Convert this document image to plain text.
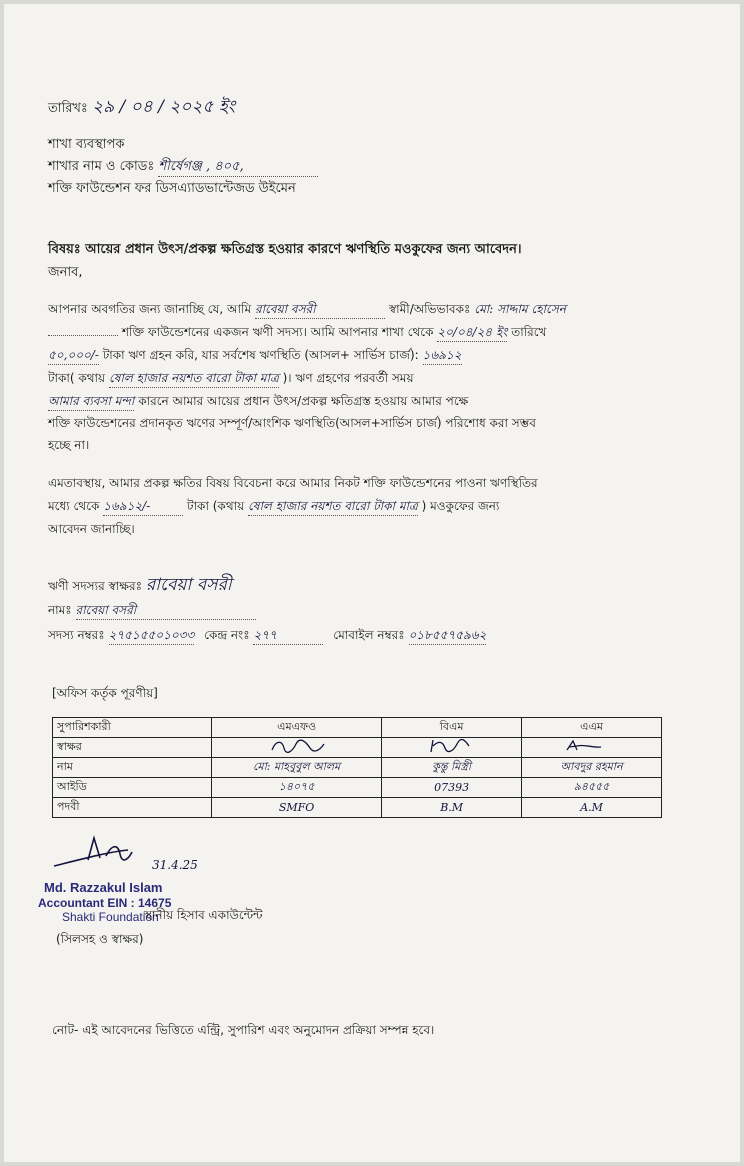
তারিখঃ ২৯ / ০৪ / ২০২৫ ইং
শাখা ব্যবস্থাপক
শাখার নাম ও কোডঃ শীর্ষেগঞ্জ , ৪০৫,
শক্তি ফাউন্ডেশন ফর ডিসএ্যাডভান্টেজড উইমেন
বিষয়ঃ আয়ের প্রধান উৎস/প্রকল্প ক্ষতিগ্রস্ত হওয়ার কারণে ঋণস্থিতি মওকুফের জন্য আবেদন।
জনাব,
আপনার অবগতির জন্য জানাচ্ছি যে, আমি রাবেয়া বসরী	স্বামী/অভিভাবকঃ মো: সাদ্দাম হোসেন
শক্তি ফাউন্ডেশনের একজন ঋণী সদস্য। আমি আপনার শাখা থেকে ২০/০৪/২৪ ইং তারিখে
৫০,০০০/- টাকা ঋণ গ্রহন করি, যার সর্বশেষ ঋণস্থিতি (আসল+ সার্ভিস চার্জ): ১৬৯১২
টাকা( কথায় ষোল হাজার নয়শত বারো টাকা মাত্র )। ঋণ গ্রহণের পরবর্তী সময়
আমার ব্যবসা মন্দা কারনে আমার আয়ের প্রধান উৎস/প্রকল্প ক্ষতিগ্রস্ত হওয়ায় আমার পক্ষে
শক্তি ফাউন্ডেশনের প্রদানকৃত ঋণের সম্পূর্ণ/আংশিক ঋণস্থিতি(আসল+সার্ভিস চার্জ) পরিশোধ করা সম্ভব
হচ্ছে না।
এমতাবস্থায়, আমার প্রকল্প ক্ষতির বিষয় বিবেচনা করে আমার নিকট শক্তি ফাউন্ডেশনের পাওনা ঋণস্থিতির
মধ্যে থেকে ১৬৯১২/-	টাকা (কথায় ষোল হাজার নয়শত বারো টাকা মাত্র ) মওকুফের জন্য
আবেদন জানাচ্ছি।
ঋণী সদস্যর স্বাক্ষরঃ রাবেয়া বসরী
নামঃ রাবেয়া বসরী
সদস্য নম্বরঃ ২৭৫১৫৫০১০৩৩ কেন্দ্র নংঃ ২৭৭	মোবাইল নম্বরঃ ০১৮৫৫৭৫৯৬২
[অফিস কর্তৃক পূরণীয়]
সুপারিশকারী	এমএফও	বিএম	এএম
স্বাক্ষর			
নাম	মো: মাহবুবুল আলম	কুন্তু মিস্ত্রী	আবদুর রহমান
আইডি	১৪০৭৫	07393	৯৪৫৫৫
পদবী	SMFO	B.M	A.M
31.4.25
Md. Razzakul Islam
Accountant EIN : 14675
Shakti Foundation
স্থানীয় হিসাব একাউন্টেন্ট
(সিলসহ ও স্বাক্ষর)
নোট- এই আবেদনের ভিত্তিতে এন্ট্রি, সুপারিশ এবং অনুমোদন প্রক্রিয়া সম্পন্ন হবে।
